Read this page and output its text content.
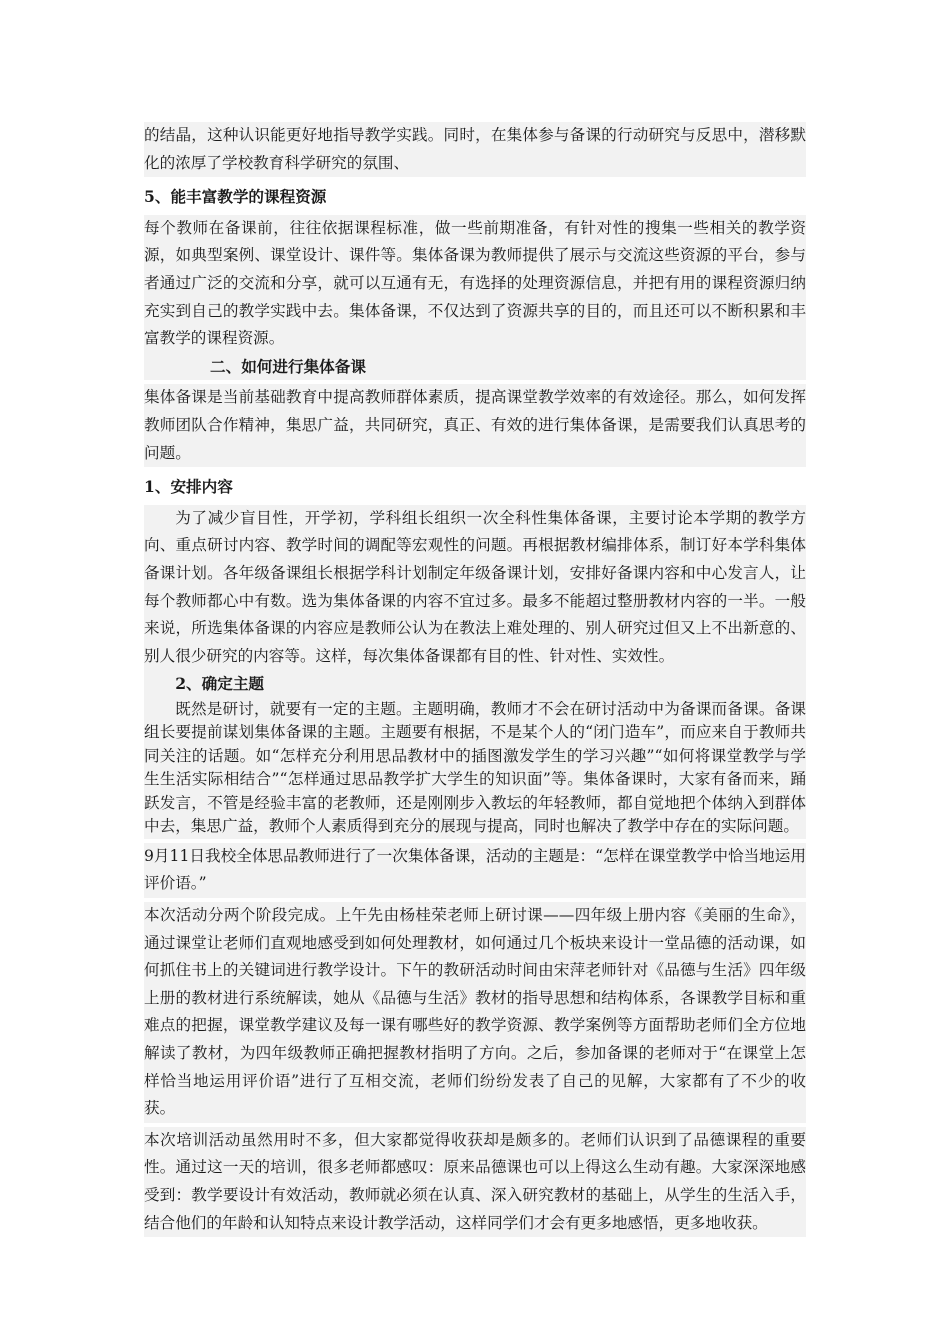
的结晶，这种认识能更好地指导教学实践。同时，在集体参与备课的行动研究与反思中，潜移默化的浓厚了学校教育科学研究的氛围、

5、能丰富教学的课程资源

每个教师在备课前，往往依据课程标准，做一些前期准备，有针对性的搜集一些相关的教学资源，如典型案例、课堂设计、课件等。集体备课为教师提供了展示与交流这些资源的平台，参与者通过广泛的交流和分享，就可以互通有无，有选择的处理资源信息，并把有用的课程资源归纳充实到自己的教学实践中去。集体备课，不仅达到了资源共享的目的，而且还可以不断积累和丰富教学的课程资源。

二、如何进行集体备课

集体备课是当前基础教育中提高教师群体素质，提高课堂教学效率的有效途径。那么，如何发挥教师团队合作精神，集思广益，共同研究，真正、有效的进行集体备课，是需要我们认真思考的问题。

1、安排内容

为了减少盲目性，开学初，学科组长组织一次全科性集体备课，主要讨论本学期的教学方向、重点研讨内容、教学时间的调配等宏观性的问题。再根据教材编排体系，制订好本学科集体备课计划。各年级备课组长根据学科计划制定年级备课计划，安排好备课内容和中心发言人，让每个教师都心中有数。选为集体备课的内容不宜过多。最多不能超过整册教材内容的一半。一般来说，所选集体备课的内容应是教师公认为在教法上难处理的、别人研究过但又上不出新意的、别人很少研究的内容等。这样，每次集体备课都有目的性、针对性、实效性。

2、确定主题

既然是研讨，就要有一定的主题。主题明确，教师才不会在研讨活动中为备课而备课。备课组长要提前谋划集体备课的主题。主题要有根据，不是某个人的“闭门造车”，而应来自于教师共同关注的话题。如“怎样充分利用思品教材中的插图激发学生的学习兴趣”“如何将课堂教学与学生生活实际相结合”“怎样通过思品教学扩大学生的知识面”等。集体备课时，大家有备而来，踊跃发言，不管是经验丰富的老教师，还是刚刚步入教坛的年轻教师，都自觉地把个体纳入到群体中去，集思广益，教师个人素质得到充分的展现与提高，同时也解决了教学中存在的实际问题。

9月11日我校全体思品教师进行了一次集体备课，活动的主题是：“怎样在课堂教学中恰当地运用评价语。”

本次活动分两个阶段完成。上午先由杨桂荣老师上研讨课——四年级上册内容《美丽的生命》，通过课堂让老师们直观地感受到如何处理教材，如何通过几个板块来设计一堂品德的活动课，如何抓住书上的关键词进行教学设计。下午的教研活动时间由宋萍老师针对《品德与生活》四年级上册的教材进行系统解读，她从《品德与生活》教材的指导思想和结构体系，各课教学目标和重难点的把握，课堂教学建议及每一课有哪些好的教学资源、教学案例等方面帮助老师们全方位地解读了教材，为四年级教师正确把握教材指明了方向。之后，参加备课的老师对于“在课堂上怎样恰当地运用评价语”进行了互相交流，老师们纷纷发表了自己的见解，大家都有了不少的收获。

本次培训活动虽然用时不多，但大家都觉得收获却是颇多的。老师们认识到了品德课程的重要性。通过这一天的培训，很多老师都感叹：原来品德课也可以上得这么生动有趣。大家深深地感受到：教学要设计有效活动，教师就必须在认真、深入研究教材的基础上，从学生的生活入手，结合他们的年龄和认知特点来设计教学活动，这样同学们才会有更多地感悟，更多地收获。
